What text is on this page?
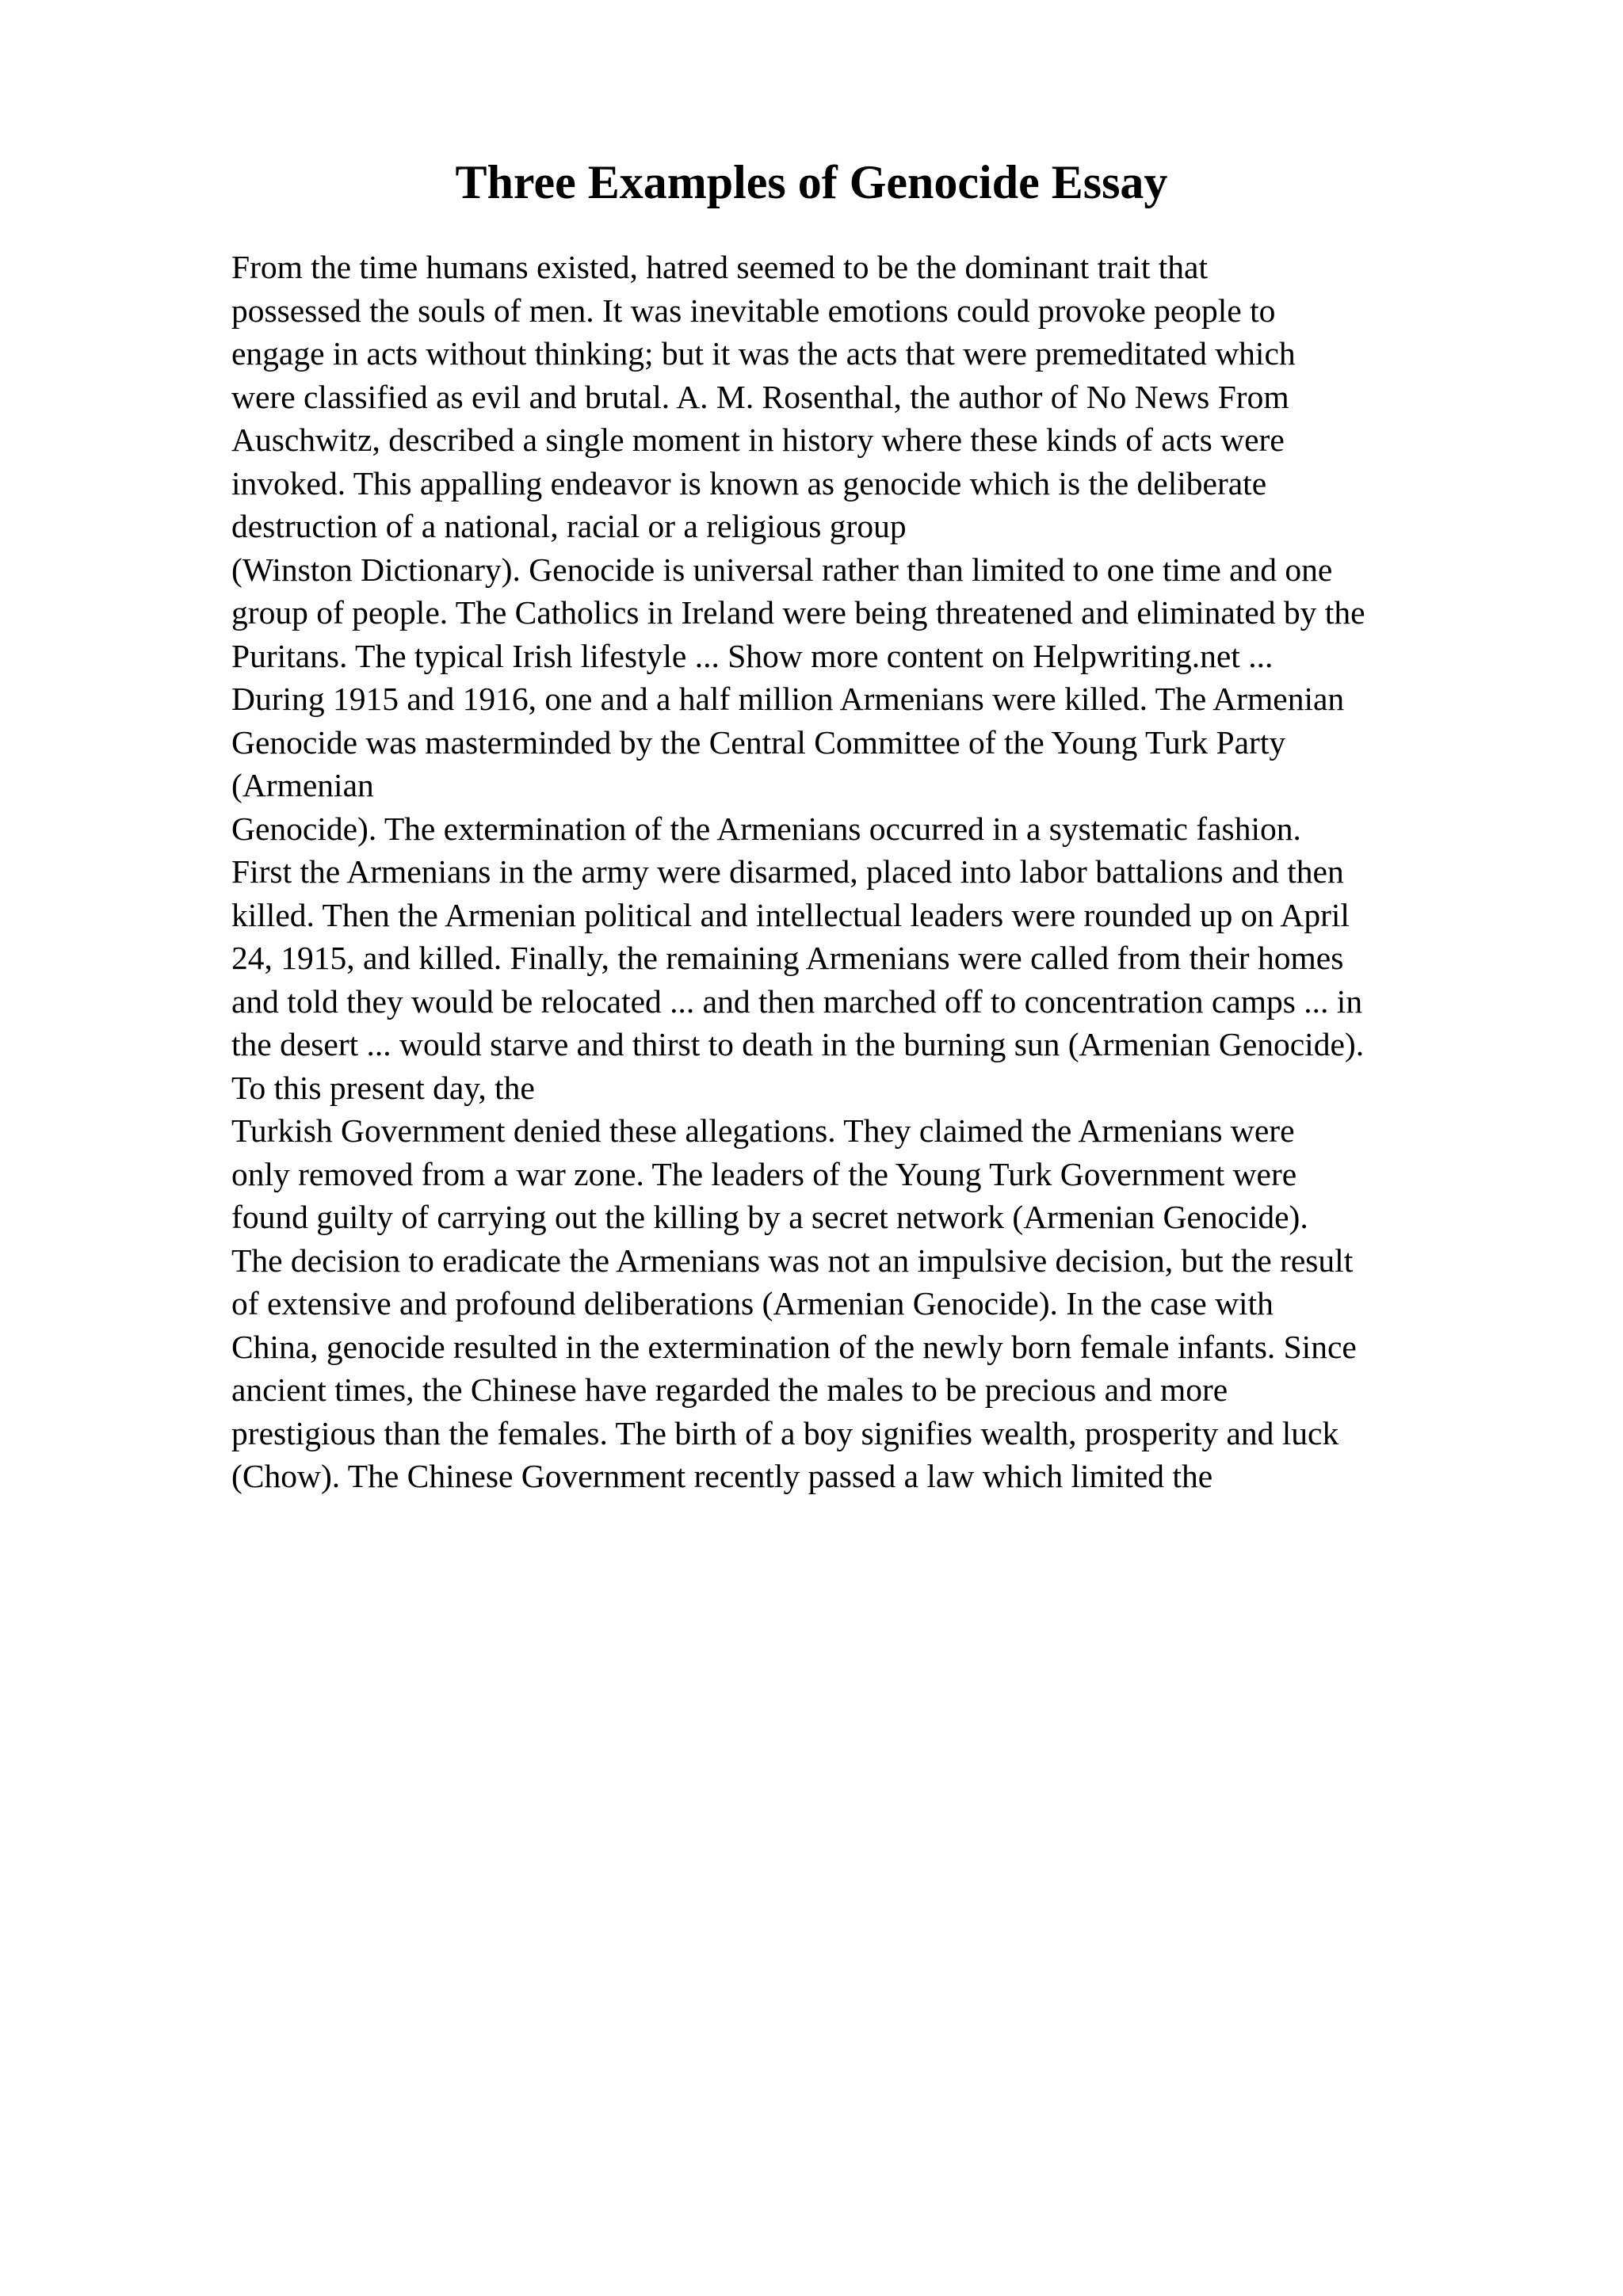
Three Examples of Genocide Essay
From the time humans existed, hatred seemed to be the dominant trait that
possessed the souls of men. It was inevitable emotions could provoke people to
engage in acts without thinking; but it was the acts that were premeditated which
were classified as evil and brutal. A. M. Rosenthal, the author of No News From
Auschwitz, described a single moment in history where these kinds of acts were
invoked. This appalling endeavor is known as genocide which is the deliberate
destruction of a national, racial or a religious group
(Winston Dictionary). Genocide is universal rather than limited to one time and one
group of people. The Catholics in Ireland were being threatened and eliminated by the
Puritans. The typical Irish lifestyle ... Show more content on Helpwriting.net ...
During 1915 and 1916, one and a half million Armenians were killed. The Armenian
Genocide was masterminded by the Central Committee of the Young Turk Party
(Armenian
Genocide). The extermination of the Armenians occurred in a systematic fashion.
First the Armenians in the army were disarmed, placed into labor battalions and then
killed. Then the Armenian political and intellectual leaders were rounded up on April
24, 1915, and killed. Finally, the remaining Armenians were called from their homes
and told they would be relocated ... and then marched off to concentration camps ... in
the desert ... would starve and thirst to death in the burning sun (Armenian Genocide).
To this present day, the
Turkish Government denied these allegations. They claimed the Armenians were
only removed from a war zone. The leaders of the Young Turk Government were
found guilty of carrying out the killing by a secret network (Armenian Genocide).
The decision to eradicate the Armenians was not an impulsive decision, but the result
of extensive and profound deliberations (Armenian Genocide). In the case with
China, genocide resulted in the extermination of the newly born female infants. Since
ancient times, the Chinese have regarded the males to be precious and more
prestigious than the females. The birth of a boy signifies wealth, prosperity and luck
(Chow). The Chinese Government recently passed a law which limited the
